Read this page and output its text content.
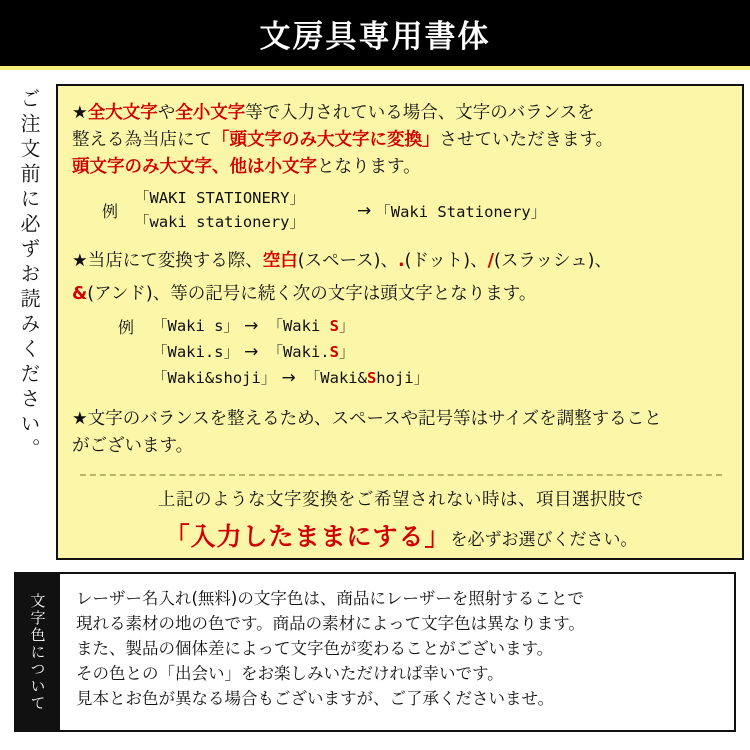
文房具専用書体
ご注文前に必ずお読みください。 ★全大文字や全小文字等で入力されている場合、文字のバランスを
整える為当店にて「頭文字のみ大文字に変換」させていただきます。
頭文字のみ大文字、他は小文字となります。
例
「WAKI STATIONERY」
「waki stationery」
→ 「Waki Stationery」
★当店にて変換する際、空白(スペース)、.(ドット)、/(スラッシュ)、
&(アンド)、等の記号に続く次の文字は頭文字となります。
例 「Waki s」 → 「Waki S」
「Waki.s」 → 「Waki.S」
「Waki&shoji」 → 「Waki&Shoji」
★文字のバランスを整えるため、スペースや記号等はサイズを調整すること
がございます。
上記のような文字変換をご希望されない時は、項目選択肢で
「入力したままにする」を必ずお選びください。
文字色について レーザー名入れ(無料)の文字色は、商品にレーザーを照射することで

現れる素材の地の色です。商品の素材によって文字色は異なります。

また、製品の個体差によって文字色が変わることがございます。

その色との「出会い」をお楽しみいただければ幸いです。

見本とお色が異なる場合もございますが、ご了承くださいませ。
